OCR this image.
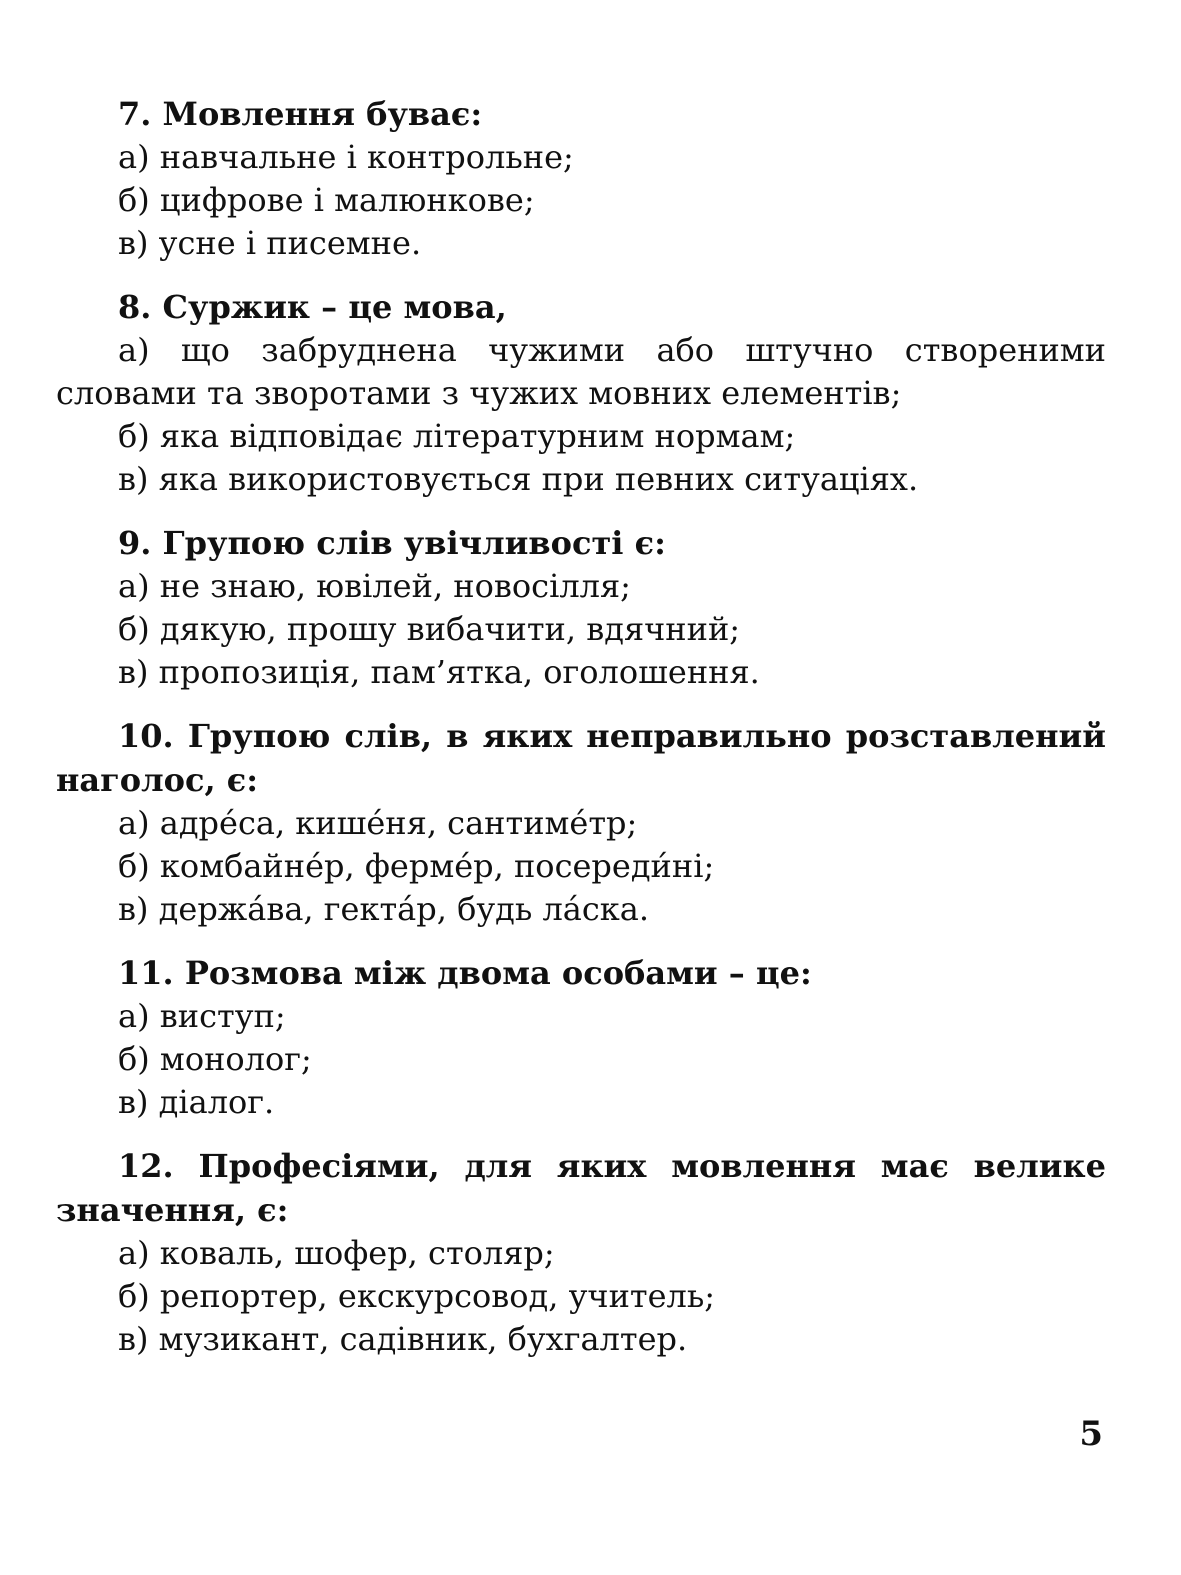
7. Мовлення буває:
а) навчальне і контрольне;
б) цифрове і малюнкове;
в) усне і писемне.
8. Суржик – це мова,
а) що забруднена чужими або штучно створеними словами та зворотами з чужих мовних елементів;
б) яка відповідає літературним нормам;
в) яка використовується при певних ситуаціях.
9. Групою слів увічливості є:
а) не знаю, ювілей, новосілля;
б) дякую, прошу вибачити, вдячний;
в) пропозиція, пам’ятка, оголошення.
10. Групою слів, в яких неправильно розставлений наголос, є:
а) адре́са, кише́ня, сантиме́тр;
б) комбайне́р, ферме́р, посереди́ні;
в) держа́ва, гекта́р, будь ла́ска.
11. Розмова між двома особами – це:
а) виступ;
б) монолог;
в) діалог.
12. Професіями, для яких мовлення має велике значення, є:
а) коваль, шофер, столяр;
б) репортер, екскурсовод, учитель;
в) музикант, садівник, бухгалтер.
5
